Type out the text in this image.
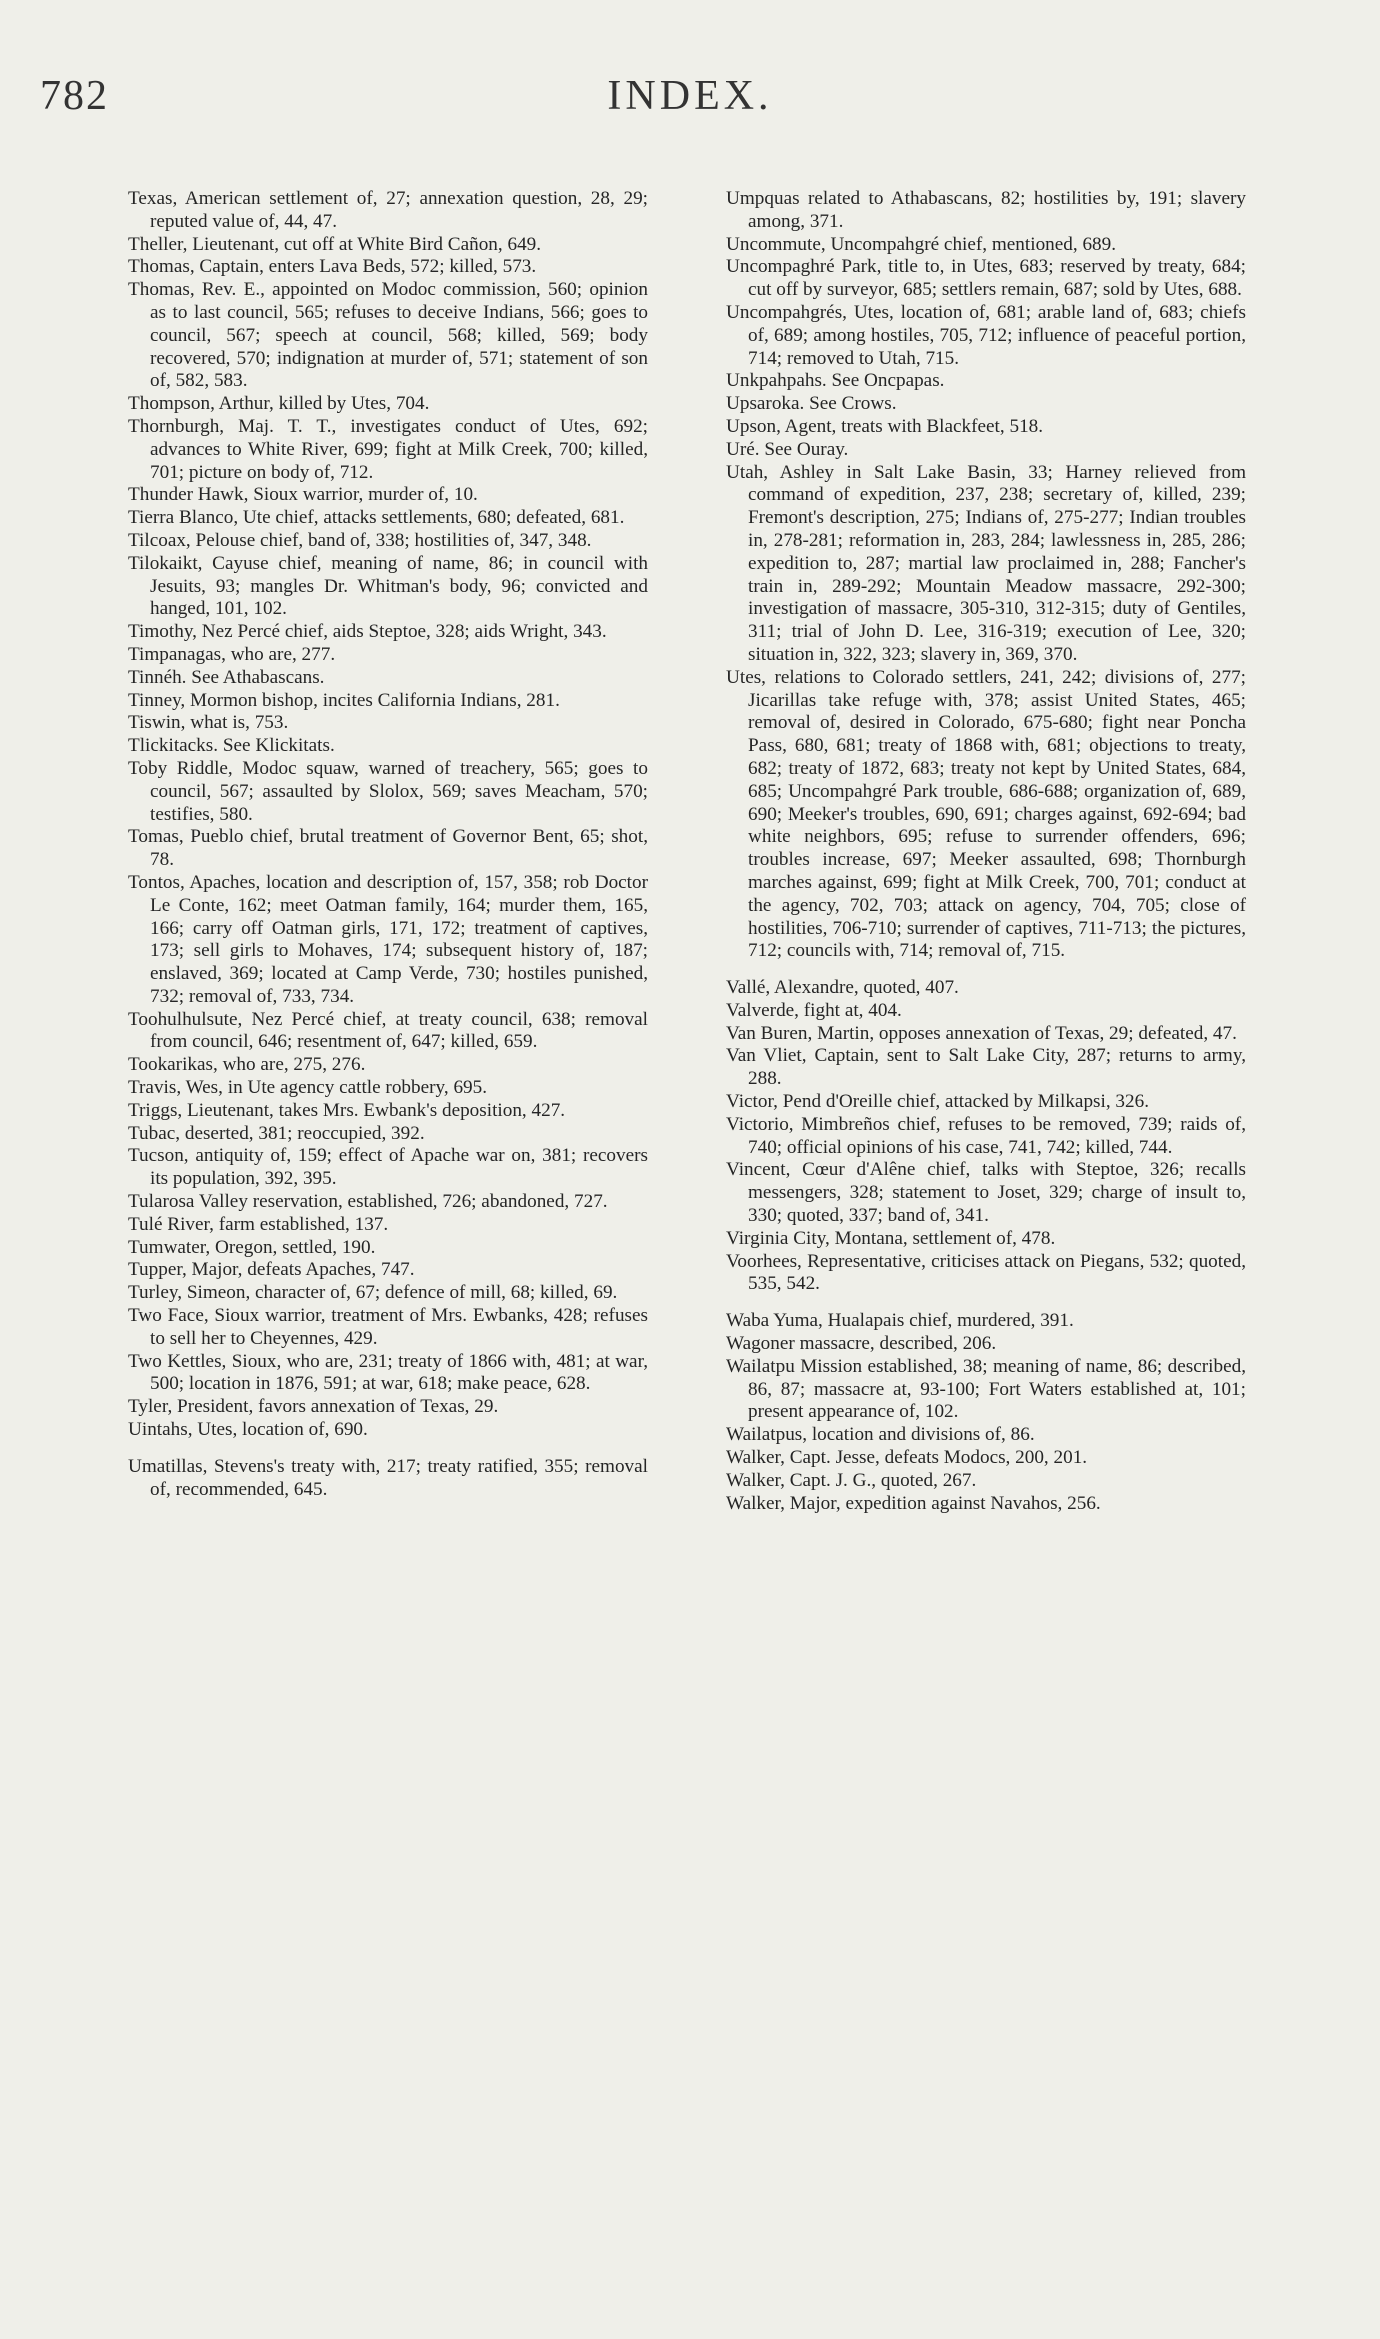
782	INDEX.

Texas, American settlement of, 27; annexation question, 28, 29; reputed value of, 44, 47.

Theller, Lieutenant, cut off at White Bird Cañon, 649.

Thomas, Captain, enters Lava Beds, 572; killed, 573.

Thomas, Rev. E., appointed on Modoc commission, 560; opinion as to last council, 565; refuses to deceive Indians, 566; goes to council, 567; speech at council, 568; killed, 569; body recovered, 570; indignation at murder of, 571; statement of son of, 582, 583.

Thompson, Arthur, killed by Utes, 704.

Thornburgh, Maj. T. T., investigates conduct of Utes, 692; advances to White River, 699; fight at Milk Creek, 700; killed, 701; picture on body of, 712.

Thunder Hawk, Sioux warrior, murder of, 10.

Tierra Blanco, Ute chief, attacks settlements, 680; defeated, 681.

Tilcoax, Pelouse chief, band of, 338; hostilities of, 347, 348.

Tilokaikt, Cayuse chief, meaning of name, 86; in council with Jesuits, 93; mangles Dr. Whitman's body, 96; convicted and hanged, 101, 102.

Timothy, Nez Percé chief, aids Steptoe, 328; aids Wright, 343.

Timpanagas, who are, 277.

Tinnéh. See Athabascans.

Tinney, Mormon bishop, incites California Indians, 281.

Tiswin, what is, 753.

Tlickitacks. See Klickitats.

Toby Riddle, Modoc squaw, warned of treachery, 565; goes to council, 567; assaulted by Slolox, 569; saves Meacham, 570; testifies, 580.

Tomas, Pueblo chief, brutal treatment of Governor Bent, 65; shot, 78.

Tontos, Apaches, location and description of, 157, 358; rob Doctor Le Conte, 162; meet Oatman family, 164; murder them, 165, 166; carry off Oatman girls, 171, 172; treatment of captives, 173; sell girls to Mohaves, 174; subsequent history of, 187; enslaved, 369; located at Camp Verde, 730; hostiles punished, 732; removal of, 733, 734.

Toohulhulsute, Nez Percé chief, at treaty council, 638; removal from council, 646; resentment of, 647; killed, 659.

Tookarikas, who are, 275, 276.

Travis, Wes, in Ute agency cattle robbery, 695.

Triggs, Lieutenant, takes Mrs. Ewbank's deposition, 427.

Tubac, deserted, 381; reoccupied, 392.

Tucson, antiquity of, 159; effect of Apache war on, 381; recovers its population, 392, 395.

Tularosa Valley reservation, established, 726; abandoned, 727.

Tulé River, farm established, 137.

Tumwater, Oregon, settled, 190.

Tupper, Major, defeats Apaches, 747.

Turley, Simeon, character of, 67; defence of mill, 68; killed, 69.

Two Face, Sioux warrior, treatment of Mrs. Ewbanks, 428; refuses to sell her to Cheyennes, 429.

Two Kettles, Sioux, who are, 231; treaty of 1866 with, 481; at war, 500; location in 1876, 591; at war, 618; make peace, 628.

Tyler, President, favors annexation of Texas, 29.

Uintahs, Utes, location of, 690.

Umatillas, Stevens's treaty with, 217; treaty ratified, 355; removal of, recommended, 645.

Umpquas related to Athabascans, 82; hostilities by, 191; slavery among, 371.

Uncommute, Uncompahgré chief, mentioned, 689.

Uncompaghré Park, title to, in Utes, 683; reserved by treaty, 684; cut off by surveyor, 685; settlers remain, 687; sold by Utes, 688.

Uncompahgrés, Utes, location of, 681; arable land of, 683; chiefs of, 689; among hostiles, 705, 712; influence of peaceful portion, 714; removed to Utah, 715.

Unkpahpahs. See Oncpapas.

Upsaroka. See Crows.

Upson, Agent, treats with Blackfeet, 518.

Uré. See Ouray.

Utah, Ashley in Salt Lake Basin, 33; Harney relieved from command of expedition, 237, 238; secretary of, killed, 239; Fremont's description, 275; Indians of, 275-277; Indian troubles in, 278-281; reformation in, 283, 284; lawlessness in, 285, 286; expedition to, 287; martial law proclaimed in, 288; Fancher's train in, 289-292; Mountain Meadow massacre, 292-300; investigation of massacre, 305-310, 312-315; duty of Gentiles, 311; trial of John D. Lee, 316-319; execution of Lee, 320; situation in, 322, 323; slavery in, 369, 370.

Utes, relations to Colorado settlers, 241, 242; divisions of, 277; Jicarillas take refuge with, 378; assist United States, 465; removal of, desired in Colorado, 675-680; fight near Poncha Pass, 680, 681; treaty of 1868 with, 681; objections to treaty, 682; treaty of 1872, 683; treaty not kept by United States, 684, 685; Uncompahgré Park trouble, 686-688; organization of, 689, 690; Meeker's troubles, 690, 691; charges against, 692-694; bad white neighbors, 695; refuse to surrender offenders, 696; troubles increase, 697; Meeker assaulted, 698; Thornburgh marches against, 699; fight at Milk Creek, 700, 701; conduct at the agency, 702, 703; attack on agency, 704, 705; close of hostilities, 706-710; surrender of captives, 711-713; the pictures, 712; councils with, 714; removal of, 715.

Vallé, Alexandre, quoted, 407.

Valverde, fight at, 404.

Van Buren, Martin, opposes annexation of Texas, 29; defeated, 47.

Van Vliet, Captain, sent to Salt Lake City, 287; returns to army, 288.

Victor, Pend d'Oreille chief, attacked by Milkapsi, 326.

Victorio, Mimbreños chief, refuses to be removed, 739; raids of, 740; official opinions of his case, 741, 742; killed, 744.

Vincent, Cœur d'Alêne chief, talks with Steptoe, 326; recalls messengers, 328; statement to Joset, 329; charge of insult to, 330; quoted, 337; band of, 341.

Virginia City, Montana, settlement of, 478.

Voorhees, Representative, criticises attack on Piegans, 532; quoted, 535, 542.

Waba Yuma, Hualapais chief, murdered, 391.

Wagoner massacre, described, 206.

Wailatpu Mission established, 38; meaning of name, 86; described, 86, 87; massacre at, 93-100; Fort Waters established at, 101; present appearance of, 102.

Wailatpus, location and divisions of, 86.

Walker, Capt. Jesse, defeats Modocs, 200, 201.

Walker, Capt. J. G., quoted, 267.

Walker, Major, expedition against Navahos, 256.
